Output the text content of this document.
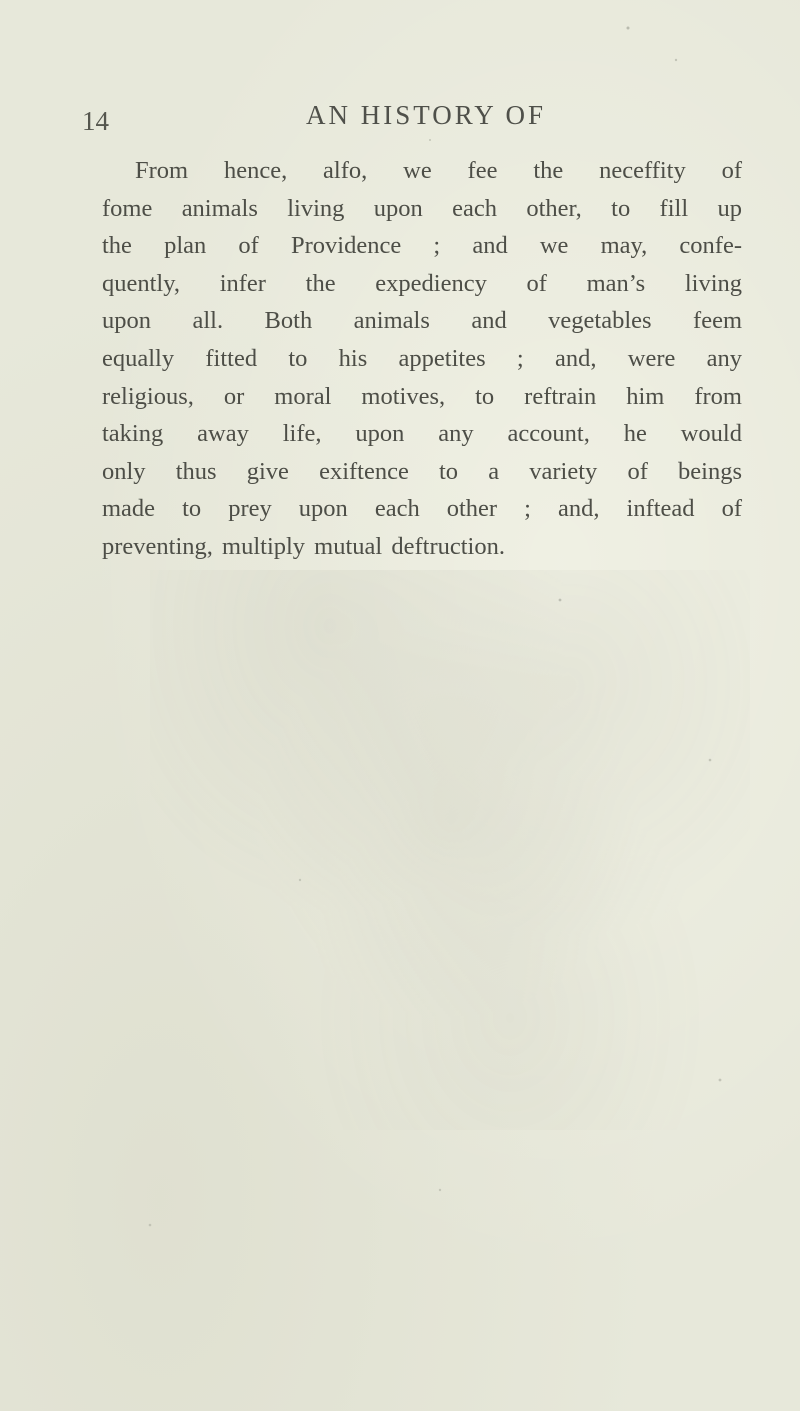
14	AN HISTORY OF
From hence, alfo, we fee the neceffity of
fome animals living upon each other, to fill up
the plan of Providence ; and we may, confe-
quently, infer the expediency of man’s living
upon all. Both animals and vegetables feem
equally fitted to his appetites ; and, were any
religious, or moral motives, to reftrain him from
taking away life, upon any account, he would
only thus give exiftence to a variety of beings
made to prey upon each other ; and, inftead of
preventing, multiply mutual deftruction.
